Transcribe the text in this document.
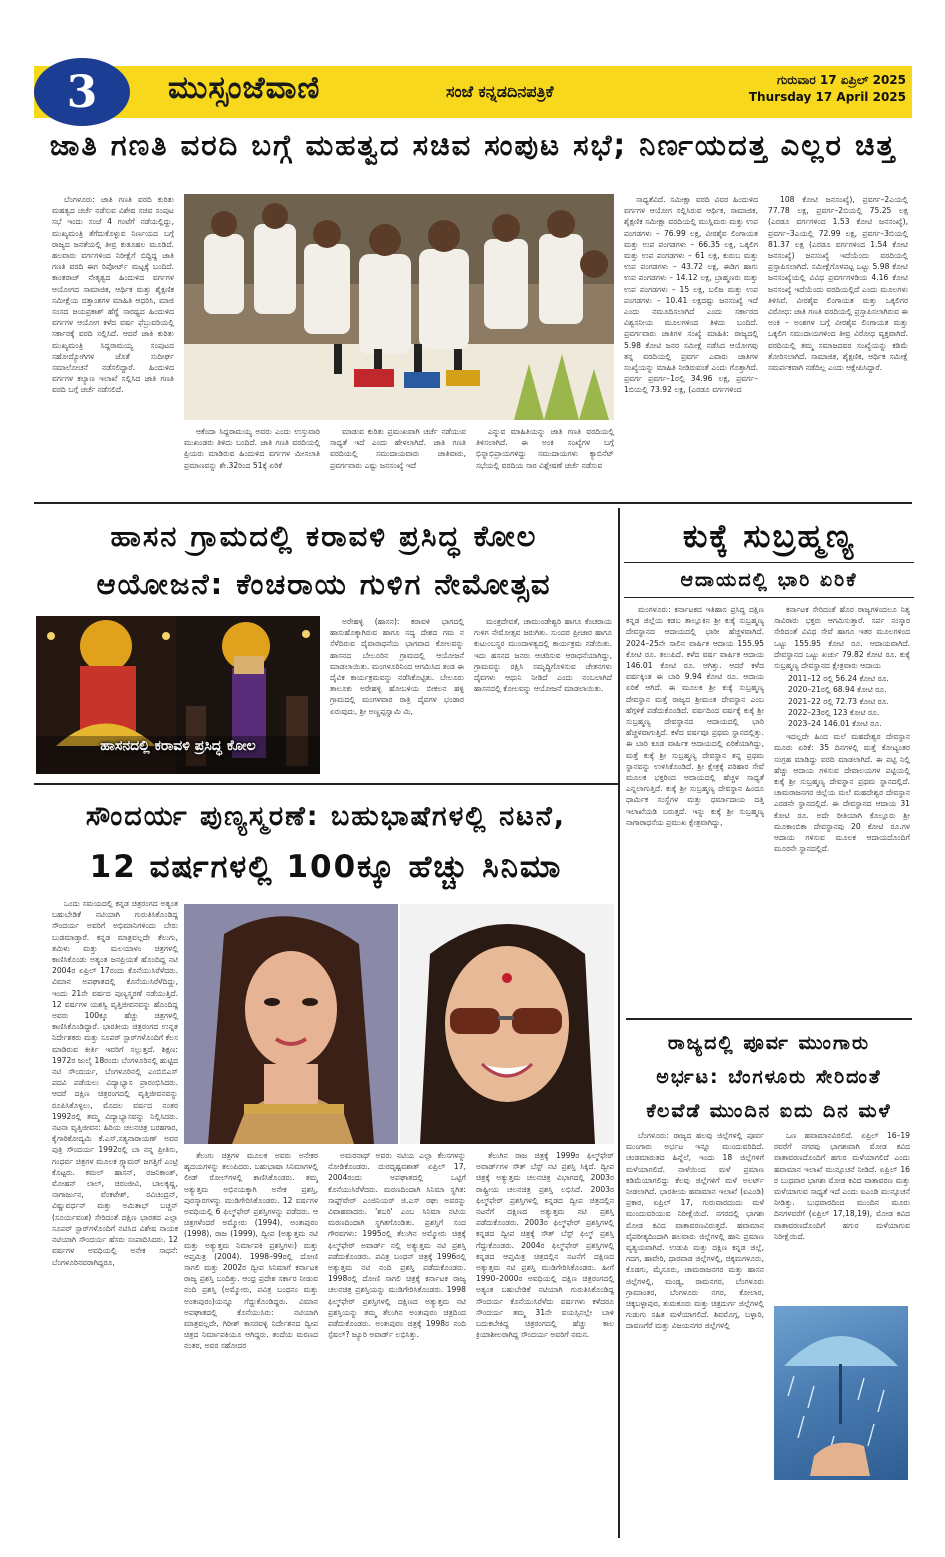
3	ಮುಸ್ಸಂಜೆವಾಣಿ	ಸಂಜೆ ಕನ್ನಡದಿನಪತ್ರಿಕೆ
ಗುರುವಾರ 17 ಏಪ್ರಿಲ್ 2025
Thursday 17 April 2025
ಜಾತಿ ಗಣತಿ ವರದಿ ಬಗ್ಗೆ ಮಹತ್ವದ ಸಚಿವ ಸಂಪುಟ ಸಭೆ; ನಿರ್ಣಯದತ್ತ ಎಲ್ಲರ ಚಿತ್ತ

ಬೆಂಗಳೂರು: ಜಾತಿ ಗಣತಿ ವರದಿ ಕುರಿತು ಮಹತ್ವದ ಚರ್ಚೆ ನಡೆಸುವ ವಿಶೇಷ ಸಚಿವ ಸಂಪುಟ ಸಭೆ ಇಂದು ಸಂಜೆ 4 ಗಂಟೆಗೆ ನಡೆಯಲ್ಲಿದ್ದು, ಮುಖ್ಯಮಂತ್ರಿ ತೆಗೆದುಕೊಳ್ಳುವ ನಿರ್ಣಯದ ಬಗ್ಗೆ ರಾಜ್ಯದ ಜನತೆಯಲ್ಲಿ ತೀವ್ರ ಕುತೂಹಲ ಮೂಡಿದೆ. ಹಲವಾರು ವರ್ಗಗಳಿಂದ ನಿರೀಕ್ಷೆಗೆ ಬಿದ್ದಿದ್ದ ಜಾತಿ ಗಣತಿ ವರದಿ ಈಗ ರಿಪೋರ್ಟ್ ಮಟ್ಟಕ್ಕೆ ಬಂದಿದೆ. ಕಾಂತರಾಜ್ ನೇತೃತ್ವದ ಹಿಂದುಳಿದ ವರ್ಗಗಳ ಆಯೋಗದ ಸಾಮಾಜಿಕ, ಆರ್ಥಿಕ ಮತ್ತು ಶೈಕ್ಷಣಿಕ ಸಮೀಕ್ಷೆಯ ದತ್ತಾಂಶಗಳ ಮಾಹಿತಿ ಆಧರಿಸಿ, ಮಾಜಿ ಸಂಸದ ಜಯಪ್ರಕಾಶ್ ಹೆಗ್ಡೆ ಸಾರಥ್ಯದ ಹಿಂದುಳಿದ ವರ್ಗಗಳ ಆಯೋಗ ಕಳೆದ ವರ್ಷ ಫೆಬ್ರುವರಿಯಲ್ಲಿ ಸರ್ಕಾರಕ್ಕೆ ವರದಿ ಸಲ್ಲಿಸಿದೆ. ಆದರೆ ಜಾತಿ ಕುರಿತು ಮುಖ್ಯಮಂತ್ರಿ ಸಿದ್ದರಾಮಯ್ಯ ಸಂಪುಟದ ಸಹೋದ್ಯೋಗಿಗಳ ಜೊತೆ ಸುದೀರ್ಘ ಸಮಾಲೋಚನೆ ನಡೆಸಲಿದ್ದಾರೆ. ಹಿಂದುಳಿದ ವರ್ಗಗಳ ಕಲ್ಯಾಣ ಇಲಾಖೆ ಸಲ್ಲಿಸಿದ ಜಾತಿ ಗಣತಿ ವರದಿ ಬಗ್ಗೆ ಚರ್ಚೆ ನಡೆಸಲಿದೆ.

ಆಕೆಂದಾ ಸಿದ್ದರಾಮಯ್ಯ ಅವರು ಎಂದು ಉಸ್ತುವಾರಿ ಮುಖಂಡರು ತಿಳಿದು ಬಂದಿದೆ. ಜಾತಿ ಗಣತಿ ವರದಿಯಲ್ಲಿ ಪ್ರಿಯರು ಮಾಡಿರುವ ಹಿಂದುಳಿದ ವರ್ಗಗಳ ಮೀಸಲಾತಿ ಪ್ರಮಾಣವನ್ನು ಶೇ.32ರಿಂದ 51ಕ್ಕೆ ಏರಿಕೆ

ಮಾಡುವ ಕುರಿತು ಪ್ರಮುಖವಾಗಿ ಚರ್ಚೆ ನಡೆಯುವ ಸಾಧ್ಯತೆ ಇದೆ ಎಂದು ಹೇಳಲಾಗಿದೆ. ಜಾತಿ ಗಣತಿ ವರದಿಯಲ್ಲಿ ಸಮುದಾಯವಾರು ಜಾತಿವಾರು, ಪ್ರವರ್ಗವಾರು ಎಷ್ಟು ಜನಸಂಖ್ಯೆ ಇದೆ

ಎನ್ನುವ ಮಾಹಿತಿಯನ್ನು ಜಾತಿ ಗಣತಿ ವರದಿಯಲ್ಲಿ ತಿಳಿಸಲಾಗಿದೆ. ಈ ಅಂಕಿ ಸಂಖ್ಯೆಗಳ ಬಗ್ಗೆ ಭಿನ್ನಾಭಿಪ್ರಾಯಗಳಿದ್ದು ಸಮುದಾಯಗಳು ಕ್ಯಾಬಿನೆಟ್ ಸಭೆಯಲ್ಲಿ ವರದಿಯ ಸಾರ ವಿಶ್ಲೇಷಣೆ ಚರ್ಚೆ ನಡೆಸುವ

ಸಾಧ್ಯತೆವಿದೆ. ಸಮೀಕ್ಷಾ ವರದಿ ವಿವರ ಹಿಂದುಳಿದ ವರ್ಗಗಳ ಆಯೋಗ ಸಲ್ಲಿಸಿರುವ ಆರ್ಥಿಕ, ಸಾಮಾಜಿಕ, ಶೈಕ್ಷಣಿಕ ಸಮೀಕ್ಷಾ ವರದಿಯಲ್ಲಿ ಮುಸ್ಲಿಮರು ಮತ್ತು ಉಪ ಪಂಗಡಗಳು – 76.99 ಲಕ್ಷ, ವೀರಶೈವ ಲಿಂಗಾಯತ ಮತ್ತು ಉಪ ಪಂಗಡಗಳು – 66.35 ಲಕ್ಷ, ಒಕ್ಕಲಿಗ ಮತ್ತು ಉಪ ಪಂಗಡಗಳು – 61 ಲಕ್ಷ, ಕುರುಬ ಮತ್ತು ಉಪ ಪಂಗಡಗಳು – 43.72 ಲಕ್ಷ, ಈಡಿಗ ಹಾಗು ಉಪ ಪಂಗಡಗಳು – 14.12 ಲಕ್ಷ, ಬ್ರಾಹ್ಮಣರು ಮತ್ತು ಉಪ ಪಂಗಡಗಳು – 15 ಲಕ್ಷ, ಬಲಿಜ ಮತ್ತು ಉಪ ಪಂಗಡಗಳು – 10.41 ಲಕ್ಷದಷ್ಟು ಜನಸಂಖ್ಯೆ ಇದೆ ಎಂದು ನಮೂದಿಸಲಾಗಿದೆ ಎಂದು ಸರ್ಕಾರದ ವಿಶ್ವಸನೀಯ ಮೂಲಗಳಿಂದ ತಿಳಿದು ಬಂದಿದೆ. ಪ್ರವರ್ಗವಾರು ಜಾತಿಗಳ ಸಂಖ್ಯೆ ಮಾಹಿತಿ: ರಾಜ್ಯದಲ್ಲಿ 5.98 ಕೋಟಿ ಜನರ ಸಮೀಕ್ಷೆ ನಡೆಸಿದ ಆಯೋಗವು ತನ್ನ ವರದಿಯಲ್ಲಿ ಪ್ರವರ್ಗ ಎವಾರು ಜಾತಿಗಳ ಸಂಖ್ಯೆಯನ್ನು ಮಾಹಿತಿ ನೀಡಿರುವಂತೆ ಎಂದು ಗೊತ್ತಾಗಿದೆ. ಪ್ರವರ್ಗ ಪ್ರವರ್ಗ–1ರಲ್ಲಿ 34.96 ಲಕ್ಷ, ಪ್ರವರ್ಗ–1ಬಿಯಲ್ಲಿ 73.92 ಲಕ್ಷ, (ಎರಡೂ ವರ್ಗಗಳಿಂದ

108 ಕೋಟಿ ಜನಸಂಖ್ಯೆ), ಪ್ರವರ್ಗ–2ಎಯಲ್ಲಿ 77.78 ಲಕ್ಷ, ಪ್ರವರ್ಗ–2ಬಿಯಲ್ಲಿ 75.25 ಲಕ್ಷ (ಎರಡೂ ವರ್ಗಗಳಿಂದ 1.53 ಕೋಟಿ ಜನಸಂಖ್ಯೆ), ಪ್ರವರ್ಗ–3ಎಯಲ್ಲಿ 72.99 ಲಕ್ಷ, ಪ್ರವರ್ಗ–3ಬಿಯಲ್ಲಿ 81.37 ಲಕ್ಷ (ಎರಡೂ ವರ್ಗಗಳಿಂದ 1.54 ಕೋಟಿ ಜನಸಂಖ್ಯೆ) ಜನಸಂಖ್ಯೆ ಇದೆಯೆಂದು ವರದಿಯಲ್ಲಿ ಪ್ರಸ್ತಾಪಿಸಲಾಗಿದೆ. ಸಮೀಕ್ಷೆಗೊಳಪಟ್ಟ ಒಟ್ಟು 5.98 ಕೋಟಿ ಜನಸಂಖ್ಯೆಯಲ್ಲಿ ವಿವಿಧ ಪ್ರವರ್ಗಗಳಡಿಯ 4.16 ಕೋಟಿ ಜನಸಂಖ್ಯೆ ಇದೆಯೆಂದು ವರದಿಯಲ್ಲಿದೆ ಎಂದು ಮೂಲಗಳು ತಿಳಿಸಿವೆ. ವೀರಶೈವ ಲಿಂಗಾಯತ ಮತ್ತು ಒಕ್ಕಲಿಗರ ವಿರೋಧ: ಜಾತಿ ಗಣತಿ ವರದಿಯಲ್ಲಿ ಪ್ರಸ್ತಾಪಿಸಲಾಗಿರುವ ಈ ಅಂಕಿ – ಅಂಶಗಳ ಬಗ್ಗೆ ವೀರಶೈವ ಲಿಂಗಾಯತ ಮತ್ತು ಒಕ್ಕಲಿಗ ಸಮುದಾಯಗಳಿಂದ ತೀವ್ರ ವಿರೋಧ ವ್ಯಕ್ತವಾಗಿದೆ. ವರದಿಯಲ್ಲಿ ತಮ್ಮ ಸಮಾಜದವರ ಸಂಖ್ಯೆಯನ್ನು ಕಡಿಮೆ ತೋರಿಸಲಾಗಿದೆ. ಸಾಮಾಜಿಕ, ಶೈಕ್ಷಣಿಕ, ಆರ್ಥಿಕ ಸಮೀಕ್ಷೆ ಸಮರ್ಪಕವಾಗಿ ನಡೆದಿಲ್ಲ ಎಂದು ಆಕ್ಷೇಪಿಸಿದ್ದಾರೆ.

ಹಾಸನ ಗ್ರಾಮದಲ್ಲಿ ಕರಾವಳಿ ಪ್ರಸಿದ್ಧ ಕೋಲ
ಆಯೋಜನೆ: ಕೆಂಚರಾಯ ಗುಳಿಗ ನೇಮೋತ್ಸವ
ಹಾಸನದಲ್ಲಿ ಕರಾವಳಿ ಪ್ರಸಿದ್ಧ ಕೋಲ

ಅರೇಹಳ್ಳಿ (ಹಾಸನ): ಕರಾವಳಿ ಭಾಗದಲ್ಲಿ ಹಾಸುಹೊಕ್ಕಾಗಿರುವ ಹಾಗೂ ಸದ್ಯ ದೇಶದ ಗಮ ನ ಸೆಳೆದಿರುವ ದೈವಾರಾಧನೆಯ ಭಾಗವಾದ ಕೋಲವನ್ನು ಹಾಸನದ ಬೇಲೂರಿನ ಗ್ರಾಮದಲ್ಲಿ ಆಯೋಜನೆ ಮಾಡಲಾಯಿತು. ಮಂಗಳೂರಿನಿಂದ ಆಗಮಿಸಿದ ತಂಡ ಈ ದೈವಿಕ ಕಾರ್ಯಕ್ರಮವನ್ನು ನಡೆಸಿಕೊಟ್ಟಿತು. ಬೇಲೂರು ತಾಲೂಕು ಅರೇಹಳ್ಳಿ ಹೋಬಳಿಯ ಬೀಕಲನ ಹಳ್ಳಿ ಗ್ರಾಮದಲ್ಲಿ ಮಂಗಳವಾರ ರಾತ್ರಿ ದೈವಗಳ ಭಂಡಾರ ಏರುವುದು, ಶ್ರೀ ಅಣ್ಣಪ್ಪಸ್ವಾಮಿ ಮಿ,

ಮಂತ್ರದೇವತೆ, ಚಾಮುಂಡೇಶ್ವರಿ ಹಾಗೂ ಕೆಂಚರಾಯ ಗುಳಿಗ ನೇಮೋತ್ಸವ ಜರುಗಿತು. ಸುಂದರ ಪ್ರೀಜಾರ ಹಾಗೂ ಕುಟುಂಬಸ್ಥರ ಮುಂದಾಳತ್ವದಲ್ಲಿ ಕಾರ್ಯಕ್ರಮ ನಡೆಯಿತು. ಇದು ಹಸನದ ಜನರು ಆಚರಿಸುವ ಆರಾಧನೆಯಾಗಿದ್ದು, ಗ್ರಾಮವನ್ನು ರಕ್ಷಿಸಿ ಸಮೃದ್ಧಿಗೊಳಿಸುವ ಚೇತನಗಳು ದೈವಗಳು ಆಧುನಿ ನೀಡಿದೆ ಎಂದು ನಂಬಲಾಗಿದೆ ಹಾಸನದಲ್ಲಿ ಕೋಲವನ್ನು ಆಯೋಜನೆ ಮಾಡಲಾಯಿತು.

ಸೌಂದರ್ಯ ಪುಣ್ಯಸ್ಮರಣೆ: ಬಹುಭಾಷೆಗಳಲ್ಲಿ ನಟನೆ,
12 ವರ್ಷಗಳಲ್ಲಿ 100ಕ್ಕೂ ಹೆಚ್ಚು ಸಿನಿಮಾ

ಒಂದು ಸಮಯದಲ್ಲಿ ಕನ್ನಡ ಚಿತ್ರರಂಗದ ಅತ್ಯಂತ ಬಹುಬೇಡಿಕೆ ನಟಿಯಾಗಿ ಗುರುತಿಸಿಕೊಂಡಿದ್ದ ಸೌಂದರ್ಯ ಅವರಿಗೆ ಅಭಿಮಾನಿಗಳಿಂದು ಬೇರು ಬುಡಮಾಡ್ತಾರೆ. ಕನ್ನಡ ಮಾತ್ರವಲ್ಲದೇ ತೆಲುಗು, ತಮಿಳು ಮತ್ತು ಮಲಯಾಳಂ ಚಿತ್ರಗಳಲ್ಲಿ ಕಾಣಿಸಿಕೊಂಡು ಅತ್ಯಂತ ಜನಪ್ರಿಯತೆ ಹೊಂದಿದ್ದ ನಟಿ 2004ರ ಏಪ್ರಿಲ್ 17ರಂದು ಕೊನೆಯುಸಿರೆಳೆದರು. ವಿಮಾನ ಅಪಘಾತದಲ್ಲಿ ಕೊನೆಯುಸಿರೆಳೆದಿದ್ದು, ಇಂದು 21ನೇ ವರ್ಷದ ಪುಣ್ಯಸ್ಮರಣೆ ನಡೆಯುತ್ತಿದೆ. 12 ವರ್ಷಗಳ ಯಶಸ್ವಿ ವೃತ್ತಿಜೀವನವನ್ನು ಹೊಂದಿದ್ದ ಅವರು 100ಕ್ಕೂ ಹೆಚ್ಚು ಚಿತ್ರಗಳಲ್ಲಿ ಕಾಣಿಸಿಕೊಂಡಿದ್ದಾರೆ. ಭಾರತೀಯ ಚಿತ್ರರಂಗದ ಉನ್ನತ ನಿರ್ದೇಶಕರು ಮತ್ತು ಸೂಪರ್ ಸ್ಟಾರ್‌ಗಳೊಂದಿಗೆ ಕೆಲಸ ಮಾಡಿರುವ ಕೀರ್ತಿ ಇವರಿಗೆ ಸಲ್ಲುತ್ತದೆ. ಶಿಕ್ಷಣ: 1972ರ ಜುಲೈ 18ರಂದು ಬೆಂಗಳೂರಿನಲ್ಲಿ ಹುಟ್ಟಿದ ನಟಿ ಸೌಂದರ್ಯ, ಬೆಂಗಳೂರಿನಲ್ಲಿ ಎಂಬಿಬಿಎಸ್ ಪದವಿ ಪಡೆಯಲು ವಿದ್ಯಾಭ್ಯಾಸ ಪ್ರಾರಂಭಿಸಿದರು. ಆದರೆ ದಕ್ಷಿಣ ಚಿತ್ರರಂಗದಲ್ಲಿ ವೃತ್ತಿಜೀವನವನ್ನು ರೂಪಿಸಿಕೊಳ್ಳಲು, ಮೊದಲ ವರ್ಷದ ನಂತರ 1992ರಲ್ಲಿ ತಮ್ಮ ವಿದ್ಯಾಭ್ಯಾಸವನ್ನು ನಿಲ್ಲಿಸಿದರು. ನಟನಾ ವೃತ್ತಿಜೀವನ: ಹಿರಿಯ ಚಲನಚಿತ್ರ ಬರಹಗಾರ, ಕೈಗಾರಿಕೋದ್ಯಮಿ ಕೆ.ಎಸ್.ಸತ್ಯನಾರಾಯಣ್ ಅವರ ಪುತ್ರಿ ಸೌಂದರ್ಯ 1992ರಲ್ಲಿ ಬಾ ನನ್ನ ಪ್ರೀತಿಸು, ಗಂಧರ್ವ ಚಿತ್ರಗಳ ಮೂಲಕ ಗ್ಲ್ಯಾಮರ್ ಜಗತ್ತಿಗೆ ಎಂಟ್ರಿ ಕೊಟ್ಟರು. ಕಮಲ್ ಹಾಸನ್, ರಜನಿಕಾಂತ್, ಮೋಹನ್ ಲಾಲ್, ಚಿರಂಜೀವಿ, ಬಾಲಕೃಷ್ಣ, ನಾಗಾರ್ಜುನ, ವೆಂಕಟೇಶ್, ರವಿಚಂದ್ರನ್, ವಿಷ್ಣುವರ್ಧನ್ ಮತ್ತು ಅಮಿತಾಭ್ ಬಚ್ಚನ್ (ಸೂರ್ಯವಂಶ) ಸೇರಿದಂತೆ ದಕ್ಷಿಣ ಭಾರತದ ಎಲ್ಲಾ ಸೂಪರ್ ಸ್ಟಾರ್‌ಗಳೊಂದಿಗೆ ನಟಿಸಿದ ವಿಶೇಷ ನಾಯಕ ನಟಿಯಾಗಿ ಸೌಂದರ್ಯ ಹೆಸರು ಸಂಪಾದಿಸಿದರು. 12 ವರ್ಷಗಳ ಅವಧಿಯಲ್ಲಿ ಅನೇಕ ಸಾಧನೆ: ಬೆಂಗಳೂರಿನವರಾಗಿದ್ದರೂ,

ತೆಲುಗು ಚಿತ್ರಗಳ ಮೂಲಕ ಅವರು ಅನೇಕರ ಹೃದಯಗಳನ್ನು ತಲುಪಿದರು. ಬಹುಭಾಷಾ ಸಿನಿಮಾಗಳಲ್ಲಿ ಲೀಡ್ ರೋಲ್‌ಗಳಲ್ಲಿ ಕಾಣಿಸಿಕೊಂಡರು. ತಮ್ಮ ಅತ್ಯುತ್ತಮ ಅಭಿನಯಕ್ಕಾಗಿ ಅನೇಕ ಪ್ರಶಸ್ತಿ, ಪುರಸ್ಕಾರಗಳನ್ನು ಮುಡಿಗೇರಿಸಿಕೊಂಡರು. 12 ವರ್ಷಗಳ ಅವಧಿಯಲ್ಲಿ 6 ಫಿಲ್ಮ್‌ಫೇರ್ ಪ್ರಶಸ್ತಿಗಳನ್ನು ಪಡೆದರು. ಆ ಚಿತ್ರಗಳೆಂದರೆ ಅಮ್ಮೋರು (1994), ಅಂತಃಪುರಂ (1998), ರಾಜ (1999), ದ್ವೀಪ (ಅತ್ಯುತ್ತಮ ನಟಿ ಮತ್ತು ಅತ್ಯುತ್ತಮ ನಿರ್ಮಾಪಕಿ ಪ್ರಶಸ್ತಿಗಳು) ಮತ್ತು ಆಪ್ತಮಿತ್ರ (2004). 1998–99ರಲ್ಲಿ ದೋಣಿ ಸಾಗಲಿ ಮತ್ತು 2002ರ ದ್ವೀಪ ಸಿನಿಮಾಗೆ ಕರ್ನಾಟಕ ರಾಜ್ಯ ಪ್ರಶಸ್ತಿ ಬಂದಿತ್ತು. ಆಂಧ್ರ ಪ್ರದೇಶ ಸರ್ಕಾರ ನೀಡುವ ನಂದಿ ಪ್ರಶಸ್ತಿ (ಅಮ್ಮೋರು, ಪವಿತ್ರ ಬಂಧನಂ ಮತ್ತು ಅಂತಃಪುರಂ)ಯನ್ನೂ ಗೆದ್ದುಕೊಂಡಿದ್ದರು. ವಿಮಾನ ಅಪಘಾತದಲ್ಲಿ ಕೊನೆಯುಸಿರು: ನಟಿಯಾಗಿ ಮಾತ್ರವಲ್ಲದೇ, ಗಿರೀಶ್ ಕಾಸರವಳ್ಳಿ ನಿರ್ದೇಶನದ ದ್ವೀಪ ಚಿತ್ರದ ನಿರ್ಮಾಪಕಿಯೂ ಆಗಿದ್ದರು. ತಂದೆಯ ಮರಣದ ನಂತರ, ಅವರ ಸಹೋದರ

ಅಮರನಾಥ್ ಅವರು ನಟಿಯ ಎಲ್ಲಾ ಕೆಲಸಗಳನ್ನು ನೋಡಿಕೊಂಡರು. ದುರದೃಷ್ಟವಶಾತ್ ಏಪ್ರಿಲ್ 17, 2004ರಂದು ಅಪಘಾತದಲ್ಲಿ ಒಟ್ಟಿಗೆ ಕೊನೆಯುಸಿರೆಳೆದರು. ಮರಣದಿಂದಾಗಿ ಸಿನಿಮಾ ಸ್ಥಗಿತ: ಸಾಫ್ಟ್‌ವೇರ್ ಎಂಜಿನಿಯರ್ ಜಿ.ಎಸ್ ರಘು ಅವರನ್ನು ವಿವಾಹವಾದರು. 'ಶಬರಿ' ಎಂಬ ಸಿನಿಮಾ ನಟಿಯ ಮರಣದಿಂದಾಗಿ ಸ್ಥಗಿತಗೊಂಡಿತು. ಪ್ರಶಸ್ತಿಗೆ ಸಂದ ಗೌರವಗಳು: 1995ರಲ್ಲಿ ತೆಲುಗಿನ ಅಮ್ಮೋರು ಚಿತ್ರಕ್ಕೆ ಫಿಲ್ಮ್‌ಫೇರ್ ಅವಾರ್ಡ್ ನಲ್ಲಿ ಅತ್ಯುತ್ತಮ ನಟಿ ಪ್ರಶಸ್ತಿ ಪಡೆದುಕೊಂಡರು. ಪವಿತ್ರ ಬಂಧನ್ ಚಿತ್ರಕ್ಕೆ 1996ರಲ್ಲಿ ಅತ್ಯುತ್ತಮ ನಟಿ ನಂದಿ ಪ್ರಶಸ್ತಿ ಪಡೆದುಕೊಂಡರು. 1998ರಲ್ಲಿ ದೋಣಿ ಸಾಗಲಿ ಚಿತ್ರಕ್ಕೆ ಕರ್ನಾಟಕ ರಾಜ್ಯ ಚಲನಚಿತ್ರ ಪ್ರಶಸ್ತಿಯನ್ನು ಮುಡಿಗೇರಿಸಿಕೊಂಡರು. 1998 ಫಿಲ್ಮ್‌ಫೇರ್ ಪ್ರಶಸ್ತಿಗಳಲ್ಲಿ ದಕ್ಷಿಣದ ಅತ್ಯುತ್ತಮ ನಟಿ ಪ್ರಶಸ್ತಿಯನ್ನು ತಮ್ಮ ತೆಲುಗಿನ ಅಂತಃಪುರಂ ಚಿತ್ರದಿಂದ ಪಡೆದುಕೊಂಡರು. ಅಂತಃಪುರಂ ಚಿತ್ರಕ್ಕೆ 1998ರ ನಂದಿ ಸ್ಪೆಷಲ್? ಜ್ಯೂರಿ ಅವಾರ್ಡ್ ಲಭಿಸಿತ್ತು.

ತೆಲುಗಿನ ರಾಜ ಚಿತ್ರಕ್ಕೆ 1999ರ ಫಿಲ್ಮ್‌ಫೇರ್ ಅವಾರ್ಡ್‌ಗಳ ಸೌತ್ ಬೆಸ್ಟ್ ನಟಿ ಪ್ರಶಸ್ತಿ ಸಿಕ್ಕಿದೆ. ದ್ವೀಪ ಚಿತ್ರಕ್ಕೆ ಅತ್ಯುತ್ತಮ ಚಲನಚಿತ್ರ ವಿಭಾಗದಲ್ಲಿ 2003ರ ರಾಷ್ಟ್ರೀಯ ಚಲನಚಿತ್ರ ಪ್ರಶಸ್ತಿ ಲಭಿಸಿದೆ. 2003ರ ಫಿಲ್ಮ್‌ಫೇರ್ ಪ್ರಶಸ್ತಿಗಳಲ್ಲಿ ಕನ್ನಡದ ದ್ವೀಪ ಚಿತ್ರದಲ್ಲಿನ ನಟನೆಗೆ ದಕ್ಷಿಣದ ಅತ್ಯುತ್ತಮ ನಟಿ ಪ್ರಶಸ್ತಿ ಪಡೆದುಕೊಂಡರು. 2003ರ ಫಿಲ್ಮ್‌ಫೇರ್ ಪ್ರಶಸ್ತಿಗಳಲ್ಲಿ ಕನ್ನಡದ ದ್ವೀಪ ಚಿತ್ರಕ್ಕೆ ಸೌತ್ ಬೆಸ್ಟ್ ಫಿಲ್ಮ್ ಪ್ರಶಸ್ತಿ ಗೆದ್ದುಕೊಂಡರು. 2004ರ ಫಿಲ್ಮ್‌ಫೇರ್ ಪ್ರಶಸ್ತಿಗಳಲ್ಲಿ ಕನ್ನಡದ ಆಪ್ತಮಿತ್ರ ಚಿತ್ರದಲ್ಲಿನ ನಟನೆಗೆ ದಕ್ಷಿಣದ ಅತ್ಯುತ್ತಮ ನಟಿ ಪ್ರಶಸ್ತಿ ಮುಡಿಗೇರಿಸಿಕೊಂಡರು. ಹೀಗೆ 1990–2000ರ ಅವಧಿಯಲ್ಲಿ ದಕ್ಷಿಣ ಚಿತ್ರರಂಗದಲ್ಲಿ ಅತ್ಯಂತ ಬಹುಬೇಡಿಕೆ ನಟಿಯಾಗಿ ಗುರುತಿಸಿಕೊಂಡಿದ್ದ ಸೌಂದರ್ಯ ಕೊನೆಯುಸಿರೆಳೆದು ವರ್ಷಗಳು ಕಳೆದರೂ ಸೌಂದರ್ಯ ತಮ್ಮ 31ನೇ ವಯಸ್ಸಿನಲ್ಲೇ ಬಾಳಿ ಬದುಕಬೇಕಿದ್ದ ಚಿತ್ರರಂಗದಲ್ಲಿ ಹೆಚ್ಚು ಕಾಲ ಕ್ರಿಯಾಶೀಲರಾಗಿದ್ದ ಸೌಂದರ್ಯ ಅವರಿಗೆ ನಮನ.

ಕುಕ್ಕೆ ಸುಬ್ರಹ್ಮಣ್ಯ
ಆದಾಯದಲ್ಲಿ ಭಾರಿ ಏರಿಕೆ

ಮಂಗಳೂರು: ಕರ್ನಾಟಕದ ಇತಿಹಾಸ ಪ್ರಸಿದ್ಧ ದಕ್ಷಿಣ ಕನ್ನಡ ಜಿಲ್ಲೆಯ ಕಡಬ ತಾಲ್ಲೂಕಿನ ಶ್ರೀ ಕುಕ್ಕೆ ಸುಬ್ರಹ್ಮಣ್ಯ ದೇವಸ್ಥಾನದ ಆದಾಯದಲ್ಲಿ ಭಾರೀ ಹೆಚ್ಚಳವಾಗಿದೆ. 2024–25ನೇ ಸಾಲಿನ ವಾರ್ಷಿಕ ಆದಾಯ 155.95 ಕೋಟಿ ರೂ. ತಲುಪಿದೆ. ಕಳೆದ ವರ್ಷ ವಾರ್ಷಿಕ ಆದಾಯ 146.01 ಕೋಟಿ ರೂ. ಆಗಿತ್ತು. ಆದರೆ ಕಳೆದ ವರ್ಷಕ್ಕಿಂತ ಈ ಬಾರಿ 9.94 ಕೋಟಿ ರೂ. ಆದಾಯ ಏರಿಕೆ ಆಗಿದೆ. ಈ ಮೂಲಕ ಶ್ರೀ ಕುಕ್ಕೆ ಸುಬ್ರಹ್ಮಣ್ಯ ದೇವಸ್ಥಾನ ಮತ್ತೆ ರಾಜ್ಯದ ಶ್ರೀಮಂತ ದೇವಸ್ಥಾನ ಎಂಬ ಹೆಗ್ಗಳಿಕೆ ಪಡೆದುಕೊಂಡಿದೆ. ವರ್ಷದಿಂದ ವರ್ಷಕ್ಕೆ ಕುಕ್ಕೆ ಶ್ರೀ ಸುಬ್ರಹ್ಮಣ್ಯ ದೇವಸ್ಥಾನದ ಆದಾಯದಲ್ಲಿ ಭಾರಿ ಹೆಚ್ಚಳವಾಗುತ್ತಿದೆ. ಕಳೆದ ವರ್ಷವೂ ಪ್ರಥಮ ಸ್ಥಾನದಲ್ಲಿತ್ತು. ಈ ಬಾರಿ ಕೂಡ ವಾರ್ಷಿಕ ಆದಾಯದಲ್ಲಿ ಏರಿಕೆಯಾಗಿದ್ದು, ಮತ್ತೆ ಕುಕ್ಕೆ ಶ್ರೀ ಸುಬ್ರಹ್ಮಣ್ಯ ದೇವಸ್ಥಾನ ತನ್ನ ಪ್ರಥಮ ಸ್ಥಾನವನ್ನು ಉಳಿಸಿಕೊಂಡಿದೆ. ಶ್ರೀ ಕ್ಷೇತ್ರಕ್ಕೆ ಪರಿಹಾರ ಸೇವೆ ಮೂಲಕ ಭಕ್ತರಿಂದ ಆದಾಯದಲ್ಲಿ ಹೆಚ್ಚಳ ಸಾಧ್ಯತೆ ಎನ್ನಲಾಗುತ್ತಿದೆ. ಕುಕ್ಕೆ ಶ್ರೀ ಸುಬ್ರಹ್ಮಣ್ಯ ದೇವಸ್ಥಾನ ಹಿಂದೂ ಧಾರ್ಮಿಕ ಸಂಸ್ಥೆಗಳ ಮತ್ತು ಧರ್ಮಾದಾಯ ದತ್ತಿ ಇಲಾಖೆಯಡಿ ಬರುತ್ತದೆ. ಇನ್ನು ಕುಕ್ಕೆ ಶ್ರೀ ಸುಬ್ರಹ್ಮಣ್ಯ ನಾಗಾರಾಧನೆಯ ಪ್ರಮುಖ ಕ್ಷೇತ್ರವಾಗಿದ್ದು,

ಕರ್ನಾಟಕ ಸೇರಿದಂತೆ ಹೊರ ರಾಜ್ಯಗಳಿಂದಲೂ ನಿತ್ಯ ಸಾವಿರಾರು ಭಕ್ತರು ಆಗಮಿಸುತ್ತಾರೆ. ಸರ್ಪ ಸಂಸ್ಕಾರ ಸೇರಿದಂತೆ ವಿವಿಧ ಸೇವೆ ಹಾಗೂ ಇತರ ಮೂಲಗಳಿಂದ ಒಟ್ಟು 155.95 ಕೋಟಿ ರೂ. ಆದಾಯವಾಗಿದೆ. ದೇವಸ್ಥಾನದ ಒಟ್ಟು ಖರ್ಚು 79.82 ಕೋಟಿ ರೂ. ಕುಕ್ಕೆ ಸುಬ್ರಹ್ಮಣ್ಯ ದೇವಸ್ಥಾನದ ಕ್ಷೇತ್ರವಾರು ಆದಾಯ

2011–12 ರಲ್ಲಿ 56.24 ಕೋಟಿ ರೂ.
2020–21ರಲ್ಲಿ 68.94 ಕೋಟಿ ರೂ.
2021–22 ರಲ್ಲಿ 72.73 ಕೋಟಿ ರೂ.
2022–23ರಲ್ಲಿ 123 ಕೋಟಿ ರೂ.
2023–24 146.01 ಕೋಟಿ ರೂ.

ಇದಲ್ಲದೇ ಹಿಂದ ಮಲೆ ಮಹದೇಶ್ವರ ದೇವಸ್ಥಾನ ಮೂರು ಏರಿಕೆ: 35 ದಿನಗಳಲ್ಲಿ ಮತ್ತೆ ಕೋಟ್ಯಂತರ ಸಂಗ್ರಹ ಮಾಡಿದ್ದು ವರದಿ ಮಾಡಲಾಗಿದೆ. ಈ ಪಟ್ಟಿ ನಿಲ್ಲಿ ಹೆಚ್ಚು ಆದಾಯ ಗಳಿಸುವ ದೇವಾಲಯಗಳ ಪಟ್ಟಿಯಲ್ಲಿ ಕುಕ್ಕೆ ಶ್ರೀ ಸುಬ್ರಹ್ಮಣ್ಯ ದೇವಸ್ಥಾನ ಪ್ರಥಮ ಸ್ಥಾನದಲ್ಲಿದೆ. ಚಾಮರಾಜನಗರ ಜಿಲ್ಲೆಯ ಮಲೆ ಮಹದೇಶ್ವರ ದೇವಸ್ಥಾನ ಎರಡನೇ ಸ್ಥಾನದಲ್ಲಿದೆ. ಈ ದೇವಸ್ಥಾನದ ಆದಾಯ 31 ಕೋಟಿ ರೂ. ಅದೇ ರೀತಿಯಾಗಿ ಕೊಲ್ಲೂರು ಶ್ರೀ ಮೂಕಾಂಬಿಕಾ ದೇವಸ್ಥಾನವು 20 ಕೋಟಿ ರೂ.ಗಳ ಆದಾಯ ಗಳಿಸುವ ಮೂಲಕ ಆದಾಯದೊಂದಿಗೆ ಮೂರನೇ ಸ್ಥಾನದಲ್ಲಿದೆ.

ರಾಜ್ಯದಲ್ಲಿ ಪೂರ್ವ ಮುಂಗಾರು
ಅರ್ಭಟ: ಬೆಂಗಳೂರು ಸೇರಿದಂತೆ
ಕೆಲವೆಡೆ ಮುಂದಿನ ಐದು ದಿನ ಮಳೆ

ಬೆಂಗಳೂರು: ರಾಜ್ಯದ ಹಲವು ಜಿಲ್ಲೆಗಳಲ್ಲಿ ಪೂರ್ವ ಮುಂಗಾರು ಅರ್ಭಟ ಇನ್ನೂ ಮುಂದುವರಿದಿದೆ. ಚಂಡಮಾರುತದ ಹಿನ್ನೆಲೆ, ಇಂದು 18 ಜಿಲ್ಲೆಗಳಿಗೆ ಮಳೆಯಾಗಲಿದೆ. ನಾಳೆಯಿಂದ ಮಳೆ ಪ್ರಮಾಣ ಕಡಿಮೆಯಾಗಲಿದ್ದು ಕೆಲವು ಜಿಲ್ಲೆಗಳಿಗೆ ಮಳೆ ಅಲರ್ಟ್ ನೀಡಲಾಗಿದೆ. ಭಾರತೀಯ ಹವಾಮಾನ ಇಲಾಖೆ (ಐಎಂಡಿ) ಪ್ರಕಾರ, ಏಪ್ರಿಲ್ 17, ಗುರುವಾರದಂದು ಮಳೆ ಮುಂದುವರಿಯುವ ನಿರೀಕ್ಷೆಯಿದೆ. ನಗರದಲ್ಲಿ ಭಾಗಶಃ ಮೋಡ ಕವಿದ ವಾತಾವರಣವಿರುತ್ತದೆ. ಹವಾಮಾನ ವೈಪರೀತ್ಯದಿಂದಾಗಿ ಹಲವಾರು ಜಿಲ್ಲೆಗಳಲ್ಲಿ ಹಾನಿ ಪ್ರಮಾಣ ವ್ಯತ್ಯಯವಾಗಿದೆ. ಉಡುಪಿ ಮತ್ತು ದಕ್ಷಿಣ ಕನ್ನಡ ಜಿಲ್ಲೆ, ಗದಗ, ಹಾವೇರಿ, ಧಾರವಾಡ ಜಿಲ್ಲೆಗಳಲ್ಲಿ, ಚಿಕ್ಕಮಗಳೂರು, ಕೊಡಗು, ಮೈಸೂರು, ಚಾಮರಾಜನಗರ ಮತ್ತು ಹಾಸನ ಜಿಲ್ಲೆಗಳಲ್ಲಿ, ಮಂಡ್ಯ, ರಾಮನಗರ, ಬೆಂಗಳೂರು ಗ್ರಾಮಾಂತರ, ಬೆಂಗಳೂರು ನಗರ, ಕೋಲಾರ, ಚಿಕ್ಕಬಳ್ಳಾಪುರ, ತುಮಕೂರು ಮತ್ತು ಚಿತ್ರದುರ್ಗ ಜಿಲ್ಲೆಗಳಲ್ಲಿ ಗುಡುಗು ಸಹಿತ ಮಳೆಯಾಗಲಿದೆ. ಶಿವಮೊಗ್ಗ, ಬಳ್ಳಾರಿ, ದಾವಣಗೆರೆ ಮತ್ತು ವಿಜಯನಗರ ಜಿಲ್ಲೆಗಳಲ್ಲಿ

ಒಣ ಹವಾಮಾನವಿರಲಿದೆ. ಏಪ್ರಿಲ್ 16–19 ರವರೆಗೆ ನಗರವು ಭಾಗಶಃವಾಗಿ ಮೋಡ ಕವಿದ ವಾತಾವರಣದೊಂದಿಗೆ ಹಗುರ ಮಳೆಯಾಗಲಿದೆ ಎಂದು ಹವಾಮಾನ ಇಲಾಖೆ ಮುನ್ಸೂಚನೆ ನೀಡಿದೆ. ಏಪ್ರಿಲ್ 16 ರ ಬುಧವಾರ ಭಾಗಶಃ ಮೋಡ ಕವಿದ ವಾತಾವರಣ ಮತ್ತು ಮಳೆಯಾಗುವ ಸಾಧ್ಯತೆ ಇದೆ ಎಂದು ಐಎಂಡಿ ಮುನ್ಸೂಚನೆ ನೀಡಿತ್ತು. ಬುಧವಾರದಿಂದ ಮುಂದಿನ ಮೂರು ದಿನಗಳವರೆಗೆ (ಏಪ್ರಿಲ್ 17,18,19), ಮೋಡ ಕವಿದ ವಾತಾವರಣದೊಂದಿಗೆ ಹಗುರ ಮಳೆಯಾಗುವ ನಿರೀಕ್ಷೆಯಿದೆ.
